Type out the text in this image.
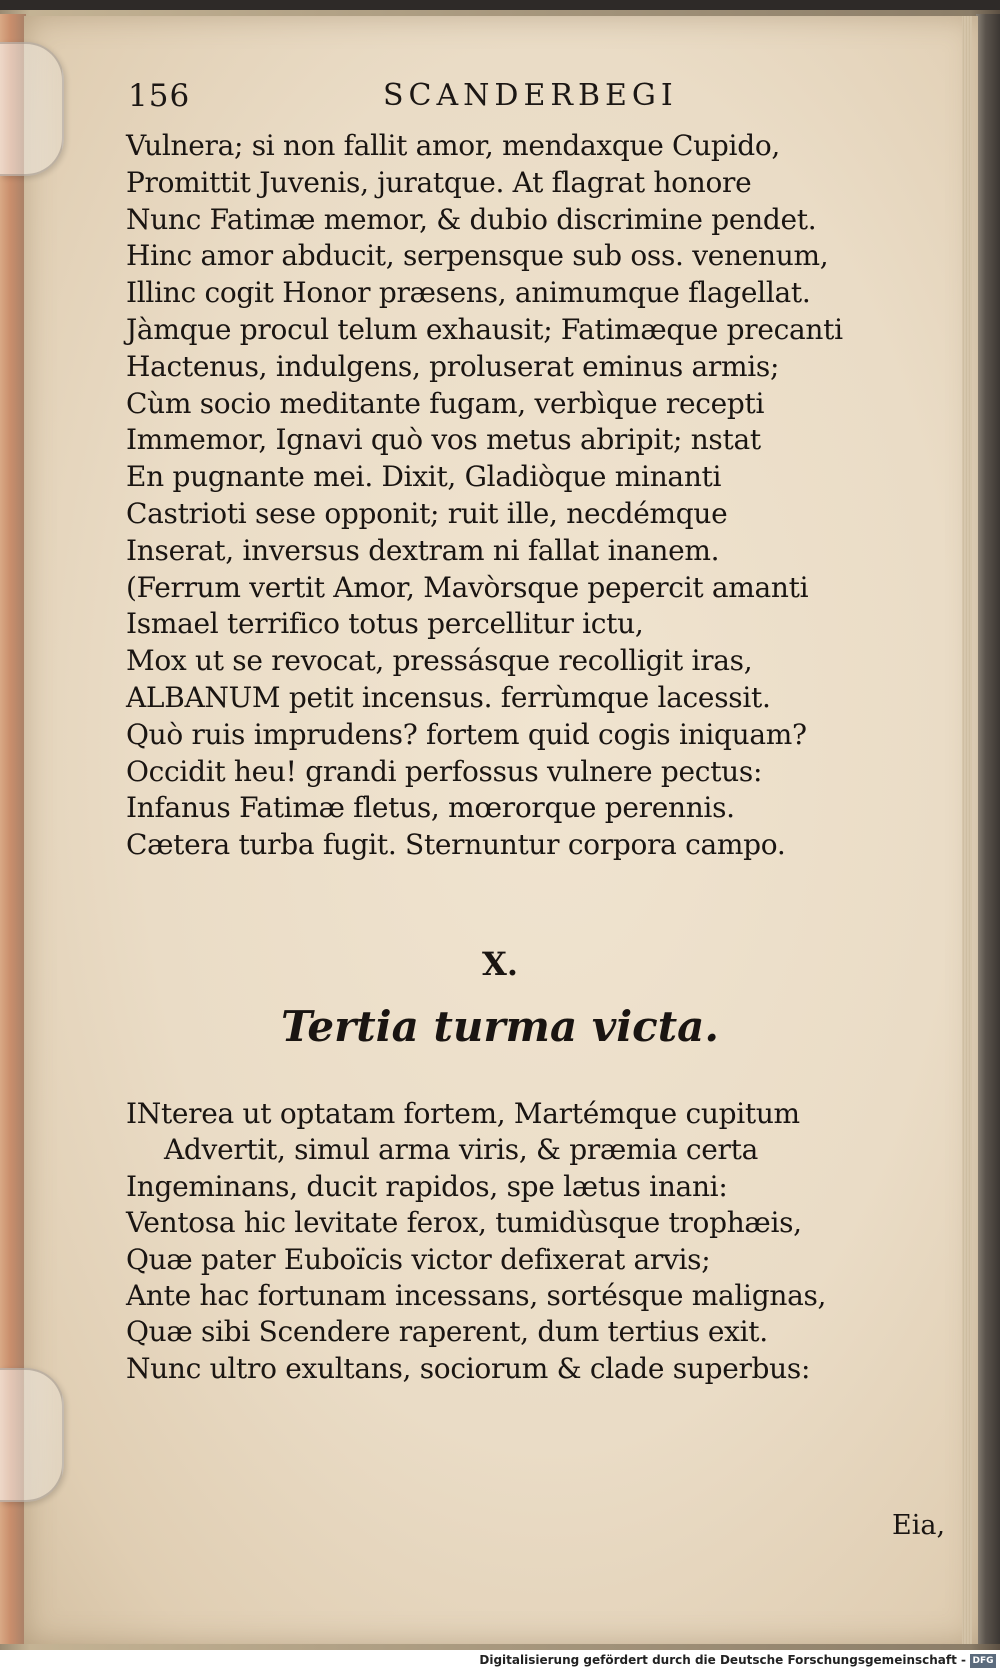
156	SCANDERBEGI
Vulnera; si non fallit amor, mendaxque Cupido,
Promittit Juvenis, juratque. At flagrat honore
Nunc Fatimæ memor, & dubio discrimine pendet.
Hinc amor abducit, serpensque sub oss. venenum,
Illinc cogit Honor præsens, animumque flagellat.
Jàmque procul telum exhausit; Fatimæque precanti
Hactenus, indulgens, proluserat eminus armis;
Cùm socio meditante fugam, verbìque recepti
Immemor, Ignavi quò vos metus abripit; nstat
En pugnante mei. Dixit, Gladiòque minanti
Castrioti sese opponit; ruit ille, necdémque
Inserat, inversus dextram ni fallat inanem.
(Ferrum vertit Amor, Mavòrsque pepercit amanti
Ismael terrifico totus percellitur ictu,
Mox ut se revocat, pressásque recolligit iras,
ALBANUM petit incensus. ferrùmque lacessit.
Quò ruis imprudens? fortem quid cogis iniquam?
Occidit heu! grandi perfossus vulnere pectus:
Infanus Fatimæ fletus, mœrorque perennis.
Cætera turba fugit. Sternuntur corpora campo.
X.
Tertia turma victa.
INterea ut optatam fortem, Martémque cupitum
Advertit, simul arma viris, & præmia certa
Ingeminans, ducit rapidos, spe lætus inani:
Ventosa hic levitate ferox, tumidùsque trophæis,
Quæ pater Euboïcis victor defixerat arvis;
Ante hac fortunam incessans, sortésque malignas,
Quæ sibi Scendere raperent, dum tertius exit.
Nunc ultro exultans, sociorum & clade superbus:
Eia,
Digitalisierung gefördert durch die Deutsche Forschungsgemeinschaft - DFG
